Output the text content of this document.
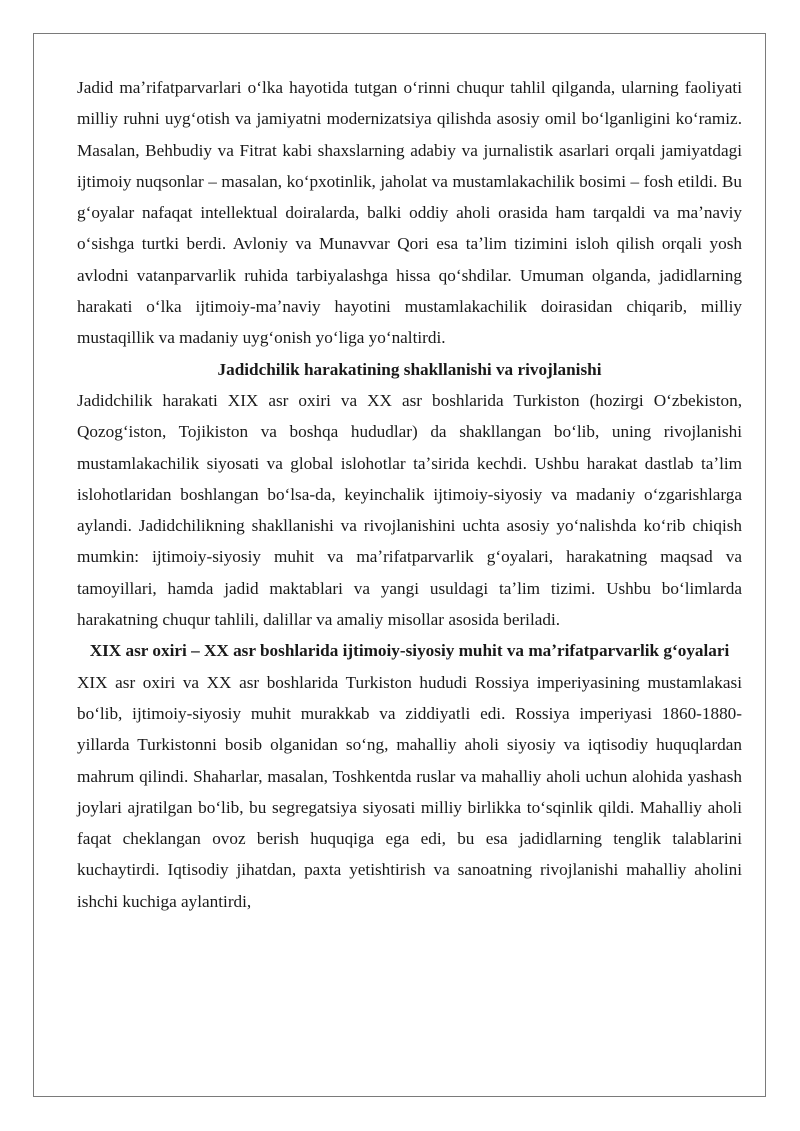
Jadid maʼrifatparvarlari oʻlka hayotida tutgan oʻrinni chuqur tahlil qilganda, ularning faoliyati milliy ruhni uygʻotish va jamiyatni modernizatsiya qilishda asosiy omil boʻlganligini koʻramiz. Masalan, Behbudiy va Fitrat kabi shaxslarning adabiy va jurnalistik asarlari orqali jamiyatdagi ijtimoiy nuqsonlar – masalan, koʻpxotinlik, jaholat va mustamlakachilik bosimi – fosh etildi. Bu gʻoyalar nafaqat intellektual doiralarda, balki oddiy aholi orasida ham tarqaldi va maʼnaviy oʻsishga turtki berdi. Avloniy va Munavvar Qori esa taʼlim tizimini isloh qilish orqali yosh avlodni vatanparvarlik ruhida tarbiyalashga hissa qoʻshdilar. Umuman olganda, jadidlarning harakati oʻlka ijtimoiy-maʼnaviy hayotini mustamlakachilik doirasidan chiqarib, milliy mustaqillik va madaniy uygʻonish yoʻliga yoʻnaltirdi.

Jadidchilik harakatining shakllanishi va rivojlanishi

Jadidchilik harakati XIX asr oxiri va XX asr boshlarida Turkiston (hozirgi Oʻzbekiston, Qozogʻiston, Tojikiston va boshqa hududlar) da shakllangan boʻlib, uning rivojlanishi mustamlakachilik siyosati va global islohotlar taʼsirida kechdi. Ushbu harakat dastlab taʼlim islohotlaridan boshlangan boʻlsa-da, keyinchalik ijtimoiy-siyosiy va madaniy oʻzgarishlarga aylandi. Jadidchilikning shakllanishi va rivojlanishini uchta asosiy yoʻnalishda koʻrib chiqish mumkin: ijtimoiy-siyosiy muhit va maʼrifatparvarlik gʻoyalari, harakatning maqsad va tamoyillari, hamda jadid maktablari va yangi usuldagi taʼlim tizimi. Ushbu boʻlimlarda harakatning chuqur tahlili, dalillar va amaliy misollar asosida beriladi.

XIX asr oxiri – XX asr boshlarida ijtimoiy-siyosiy muhit va maʼrifatparvarlik gʻoyalari

XIX asr oxiri va XX asr boshlarida Turkiston hududi Rossiya imperiyasining mustamlakasi boʻlib, ijtimoiy-siyosiy muhit murakkab va ziddiyatli edi. Rossiya imperiyasi 1860-1880-yillarda Turkistonni bosib olganidan soʻng, mahalliy aholi siyosiy va iqtisodiy huquqlardan mahrum qilindi. Shaharlar, masalan, Toshkentda ruslar va mahalliy aholi uchun alohida yashash joylari ajratilgan boʻlib, bu segregatsiya siyosati milliy birlikka toʻsqinlik qildi. Mahalliy aholi faqat cheklangan ovoz berish huquqiga ega edi, bu esa jadidlarning tenglik talablarini kuchaytirdi. Iqtisodiy jihatdan, paxta yetishtirish va sanoatning rivojlanishi mahalliy aholini ishchi kuchiga aylantirdi,
